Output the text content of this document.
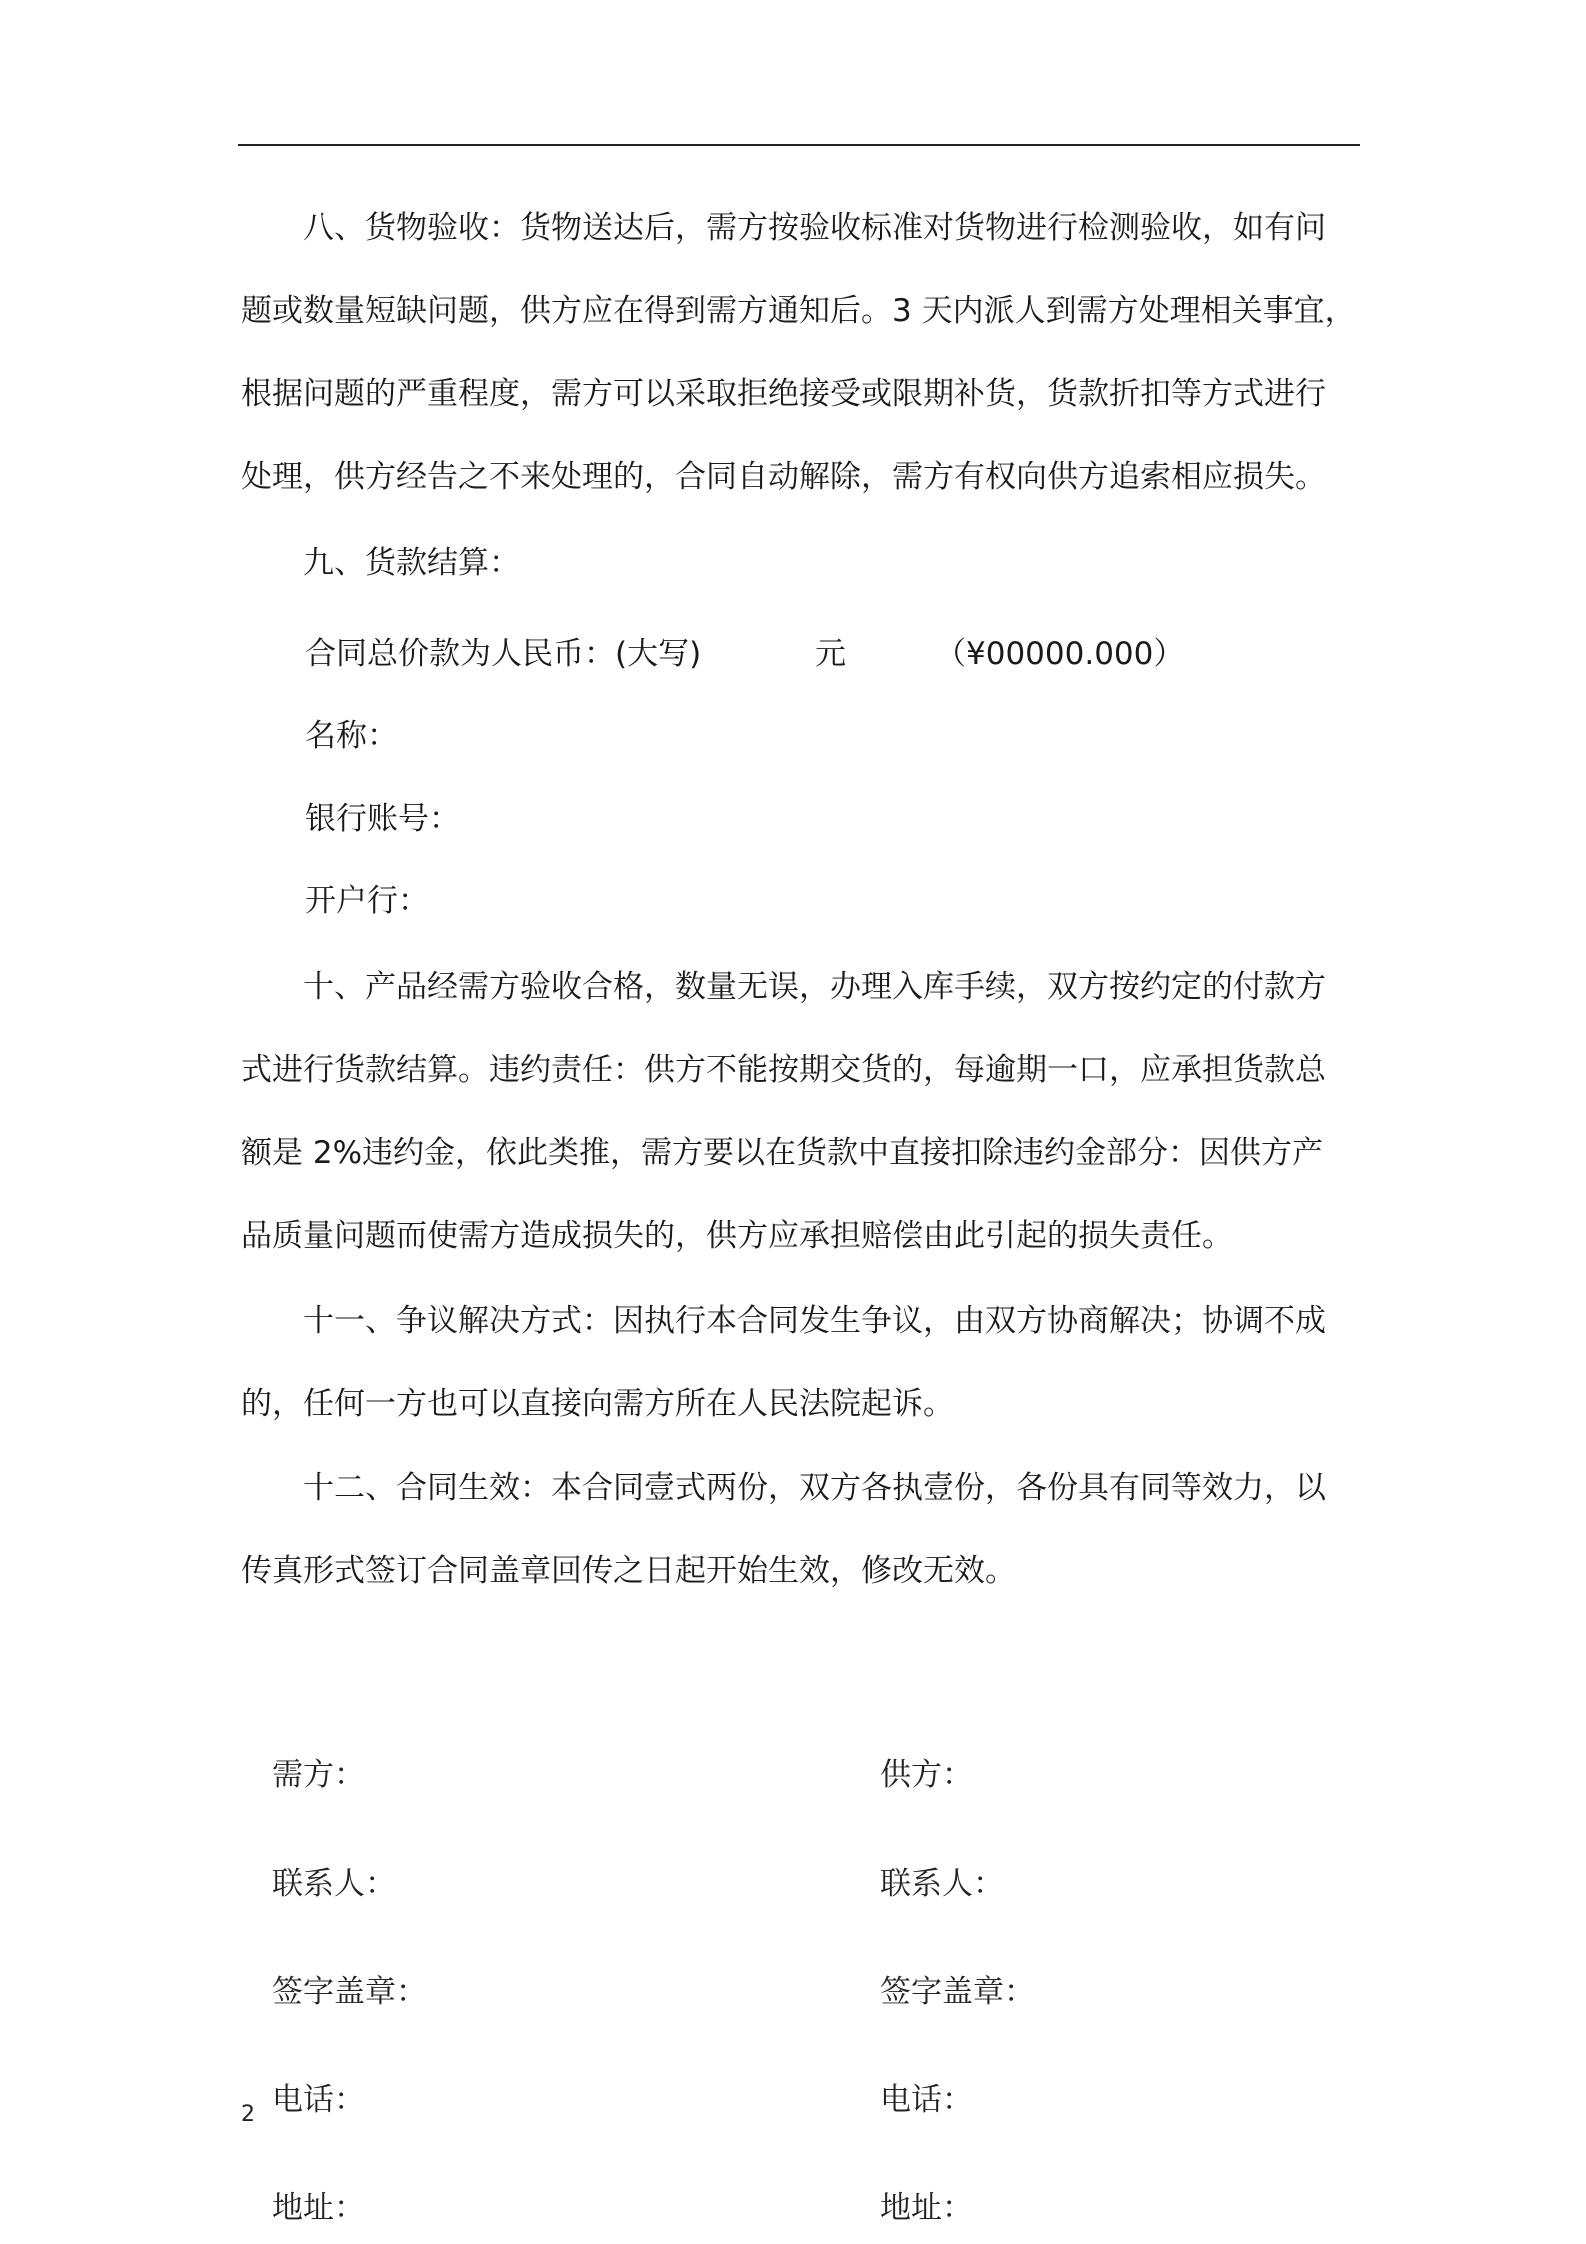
八、货物验收：货物送达后，需方按验收标准对货物进行检测验收，如有问
题或数量短缺问题，供方应在得到需方通知后。3 天内派人到需方处理相关事宜，
根据问题的严重程度，需方可以采取拒绝接受或限期补货，货款折扣等方式进行
处理，供方经告之不来处理的，合同自动解除，需方有权向供方追索相应损失。
九、货款结算：
合同总价款为人民币：(大写)	元	（¥00000.000）
名称：
银行账号：
开户行：
十、产品经需方验收合格，数量无误，办理入库手续，双方按约定的付款方
式进行货款结算。违约责任：供方不能按期交货的，每逾期一口，应承担货款总
额是 2%违约金，依此类推，需方要以在货款中直接扣除违约金部分：因供方产
品质量问题而使需方造成损失的，供方应承担赔偿由此引起的损失责任。
十一、争议解决方式：因执行本合同发生争议，由双方协商解决；协调不成
的，任何一方也可以直接向需方所在人民法院起诉。
十二、合同生效：本合同壹式两份，双方各执壹份，各份具有同等效力，以
传真形式签订合同盖章回传之日起开始生效，修改无效。
需方：
联系人：
签字盖章：
电话：
地址：
供方：
联系人：
签字盖章：
电话：
地址：
2
